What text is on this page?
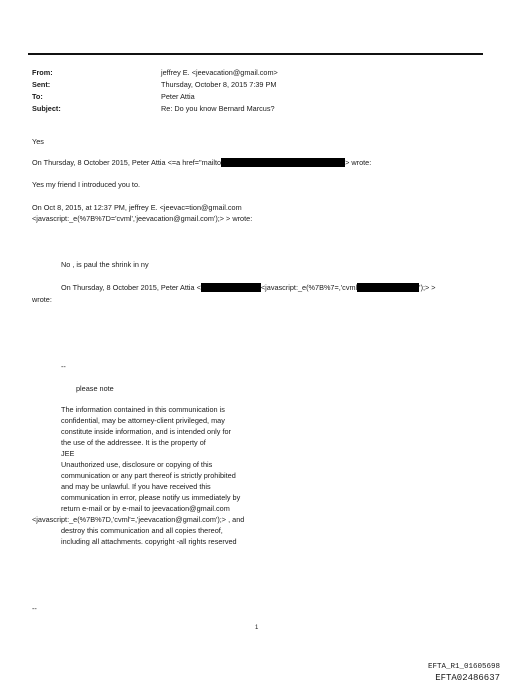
From:	jeffrey E. <jeevacation@gmail.com>
Sent:	Thursday, October 8, 2015 7:39 PM
To:	Peter Attia
Subject:	Re: Do you know Bernard Marcus?
Yes
On Thursday, 8 October 2015, Peter Attia <=a href="mailto	> wrote:
Yes my friend I introduced you to.
On Oct 8, 2015, at 12:37 PM, jeffrey E. <jeevac=tion@gmail.com
<javascript:_e(%7B%7D='cvml','jeevacation@gmail.com');> > wrote:
No , is paul the shrink in ny
On Thursday, 8 October 2015, Peter Attia <	<javascript:_e(%7B%7=,'cvml	');> >
wrote:
--
please note
The information contained in this communication is
confidential, may be attorney-client privileged, may
constitute inside information, and is intended only for
the use of the addressee. It is the property of
JEE
Unauthorized use, disclosure or copying of this
communication or any part thereof is strictly prohibited
and may be unlawful. If you have received this
communication in error, please notify us immediately by
return e-mail or by e-mail to jeevacation@gmail.com
<javascript:_e(%7B%7D,'cvml'=,'jeevacation@gmail.com');> , and
destroy this communication and all copies thereof,
including all attachments. copyright -all rights reserved
--
1
EFTA_R1_01605698
EFTA02486637
